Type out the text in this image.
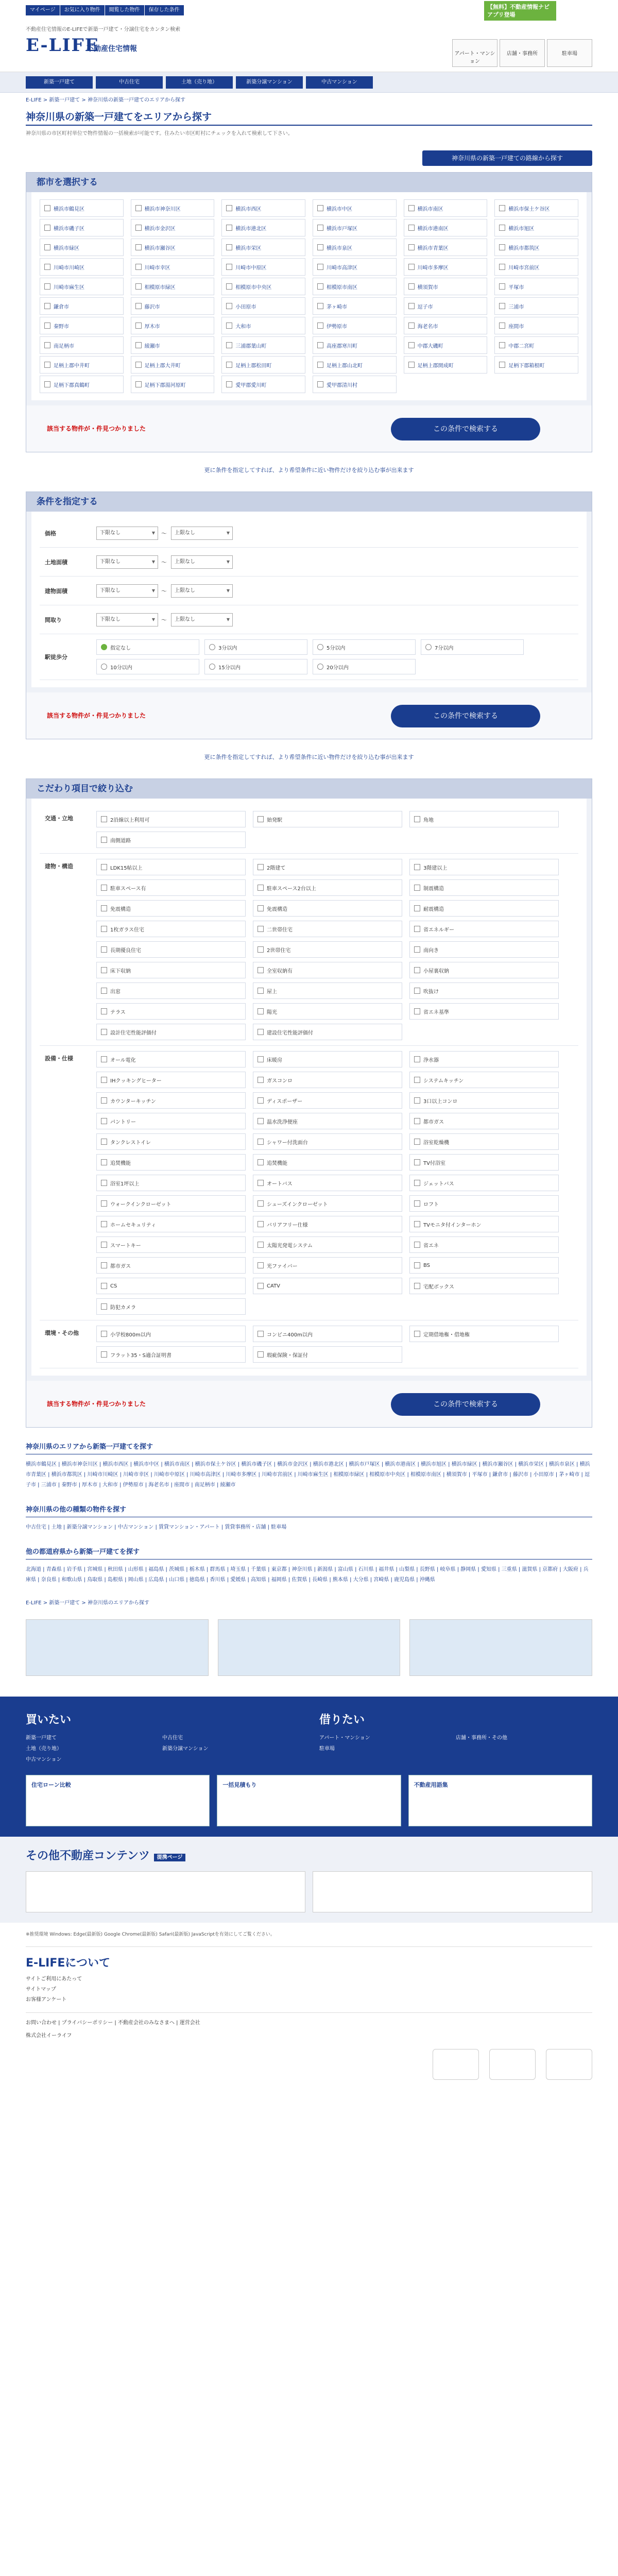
マイページ	お気に入り物件	閲覧した物件	保存した条件	【無料】不動産情報ナビアプリ登場
不動産住宅情報のE-LIFEで新築一戸建て・分譲住宅をカンタン検索
E-LIFE
不動産住宅情報
アパート・マンション
店舗・事務所	駐車場
新築一戸建て	中古住宅	土地（売り地）	新築分譲マンション	中古マンション
E-LIFE > 新築一戸建て > 神奈川県の新築一戸建てのエリアから探す
神奈川県の新築一戸建てをエリアから探す
神奈川県の市区町村単位で物件情報の一括検索が可能です。住みたい市区町村にチェックを入れて検索して下さい。
神奈川県の新築一戸建ての路線から探す
都市を選択する
横浜市鶴見区	横浜市神奈川区	横浜市西区	横浜市中区	横浜市南区	横浜市保土ケ谷区
横浜市磯子区	横浜市金沢区	横浜市港北区	横浜市戸塚区	横浜市港南区	横浜市旭区
横浜市緑区	横浜市瀬谷区	横浜市栄区	横浜市泉区	横浜市青葉区	横浜市都筑区
川崎市川崎区	川崎市幸区	川崎市中原区	川崎市高津区	川崎市多摩区	川崎市宮前区
川崎市麻生区	相模原市緑区	相模原市中央区	相模原市南区	横須賀市	平塚市
鎌倉市	藤沢市	小田原市	茅ヶ崎市	逗子市	三浦市
秦野市	厚木市	大和市	伊勢原市	海老名市	座間市
南足柄市	綾瀬市	三浦郡葉山町	高座郡寒川町	中郡大磯町	中郡二宮町
足柄上郡中井町	足柄上郡大井町	足柄上郡松田町	足柄上郡山北町	足柄上郡開成町	足柄下郡箱根町
足柄下郡真鶴町	足柄下郡湯河原町	愛甲郡愛川町	愛甲郡清川村
該当する物件が・件見つかりました	この条件で検索する
更に条件を指定してすれば、より希望条件に近い物件だけを絞り込む事が出来ます
条件を指定する
価格	下限なし ▼	〜	上限なし ▼
土地面積	下限なし ▼	〜	上限なし ▼
建物面積	下限なし ▼	〜	上限なし ▼
間取り	下限なし ▼	〜	上限なし ▼
駅徒歩分
指定なし	3分以内	5分以内	7分以内
10分以内	15分以内	20分以内
該当する物件が・件見つかりました	この条件で検索する
更に条件を指定してすれば、より希望条件に近い物件だけを絞り込む事が出来ます
こだわり項目で絞り込む
交通・立地	2沿線以上利用可	始発駅	角地
南側道路
建物・構造	LDK15帖以上	2階建て	3階建以上
駐車スペース有	駐車スペース2台以上	制震構造
免震構造	免震構造	耐震構造
1枚ガラス住宅	二世帯住宅	省エネルギー
長期優良住宅	2世帯住宅	南向き
床下収納	全室収納有	小屋裏収納
出窓	屋上	吹抜け
テラス	陽光	省エネ基準
設計住宅性能評価付	建設住宅性能評価付
設備・仕様	オール電化	床暖房	浄水器
IHクッキングヒーター	ガスコンロ	システムキッチン
カウンターキッチン	ディスポーザー	3口以上コンロ
パントリー	温水洗浄便座	都市ガス
タンクレストイレ	シャワー付洗面台	浴室乾燥機
追焚機能	追焚機能	TV付浴室
浴室1坪以上	オートバス	ジェットバス
ウォークインクローゼット	シューズインクローゼット	ロフト
ホームセキュリティ	バリアフリー仕様	TVモニタ付インターホン
スマートキー	太陽光発電システム	省エネ
都市ガス	光ファイバー	BS
CS	CATV	宅配ボックス
防犯カメラ
環境・その他	小学校800m以内	コンビニ400m以内	定期借地権・借地権
フラット35・S適合証明書	瑕疵保険・保証付
該当する物件が・件見つかりました	この条件で検索する
神奈川県のエリアから新築一戸建てを探す
横浜市鶴見区 | 横浜市神奈川区 | 横浜市西区 | 横浜市中区 | 横浜市南区 | 横浜市保土ケ谷区 | 横浜市磯子区 | 横浜市金沢区 | 横浜市港北区 | 横浜市戸塚区 | 横浜市港南区 | 横浜市旭区 | 横浜市緑区 | 横浜市瀬谷区 | 横浜市栄区 | 横浜市泉区 | 横浜市青葉区 | 横浜市都筑区 | 川崎市川崎区 | 川崎市幸区 | 川崎市中原区 | 川崎市高津区 | 川崎市多摩区 | 川崎市宮前区 | 川崎市麻生区 | 相模原市緑区 | 相模原市中央区 | 相模原市南区 | 横須賀市 | 平塚市 | 鎌倉市 | 藤沢市 | 小田原市 | 茅ヶ崎市 | 逗子市 | 三浦市 | 秦野市 | 厚木市 | 大和市 | 伊勢原市 | 海老名市 | 座間市 | 南足柄市 | 綾瀬市
神奈川県の他の種類の物件を探す
中古住宅 | 土地 | 新築分譲マンション | 中古マンション | 賃貸マンション・アパート | 賃貸事務所・店舗 | 駐車場
他の都道府県から新築一戸建てを探す
北海道 | 青森県 | 岩手県 | 宮城県 | 秋田県 | 山形県 | 福島県 | 茨城県 | 栃木県 | 群馬県 | 埼玉県 | 千葉県 | 東京都 | 神奈川県 | 新潟県 | 富山県 | 石川県 | 福井県 | 山梨県 | 長野県 | 岐阜県 | 静岡県 | 愛知県 | 三重県 | 滋賀県 | 京都府 | 大阪府 | 兵庫県 | 奈良県 | 和歌山県 | 鳥取県 | 島根県 | 岡山県 | 広島県 | 山口県 | 徳島県 | 香川県 | 愛媛県 | 高知県 | 福岡県 | 佐賀県 | 長崎県 | 熊本県 | 大分県 | 宮崎県 | 鹿児島県 | 沖縄県
E-LIFE > 新築一戸建て > 神奈川県のエリアから探す
買いたい
新築一戸建て	中古住宅
土地（売り地）	新築分譲マンション
中古マンション
借りたい
アパート・マンション	店舗・事務所・その他
駐車場
住宅ローン比較	一括見積もり	不動産用語集
その他不動産コンテンツ 提携ページ
※推奨環境 Windows: Edge(最新版) Google Chrome(最新版) Safari(最新版) JavaScriptを有効にしてご覧ください。
E-LIFEについて
サイトご利用にあたって
サイトマップ
お客様アンケート
お問い合わせ | プライバシーポリシー | 不動産会社のみなさまへ | 運営会社
株式会社イーライフ
